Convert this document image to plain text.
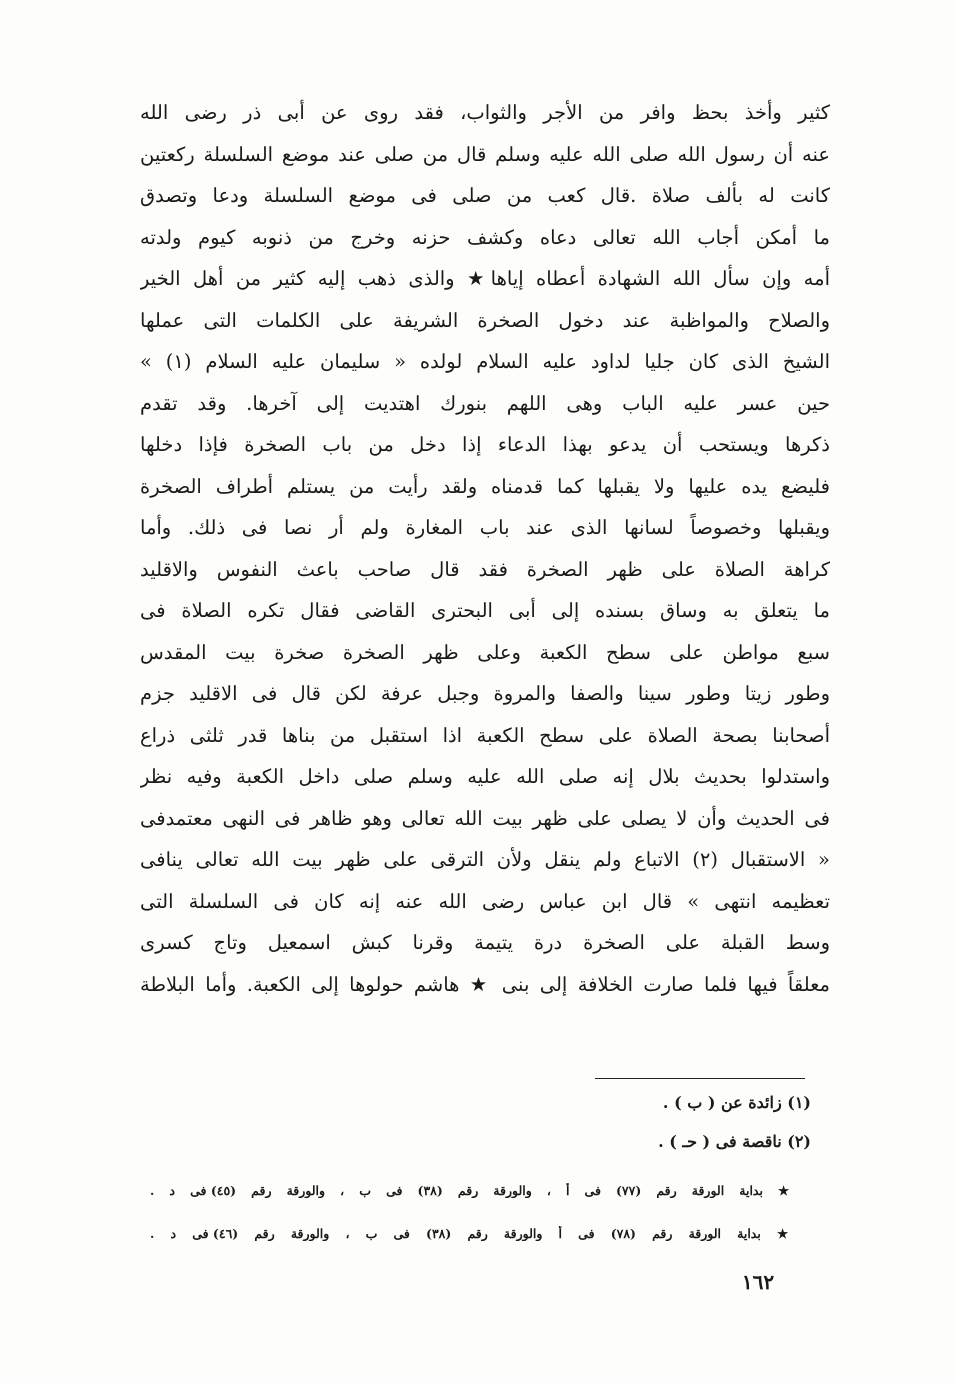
كثير وأخذ بحظ وافر من الأجر والثواب، فقد روى عن أبى ذر رضى الله
عنه أن رسول الله صلى الله عليه وسلم قال من صلى عند موضع السلسلة ركعتين
كانت له بألف صلاة .قال كعب من صلى فى موضع السلسلة ودعا وتصدق
ما أمكن أجاب الله تعالى دعاه وكشف حزنه وخرج من ذنوبه كيوم ولدته
أمه وإن سأل الله الشهادة أعطاه إياها★ والذى ذهب إليه كثير من أهل الخير
والصلاح والمواظبة عند دخول الصخرة الشريفة على الكلمات التى عملها
الشيخ الذى كان جليا لداود عليه السلام لولده « سليمان عليه السلام (١) »
حين عسر عليه الباب وهى اللهم بنورك اهتديت إلى آخرها. وقد تقدم
ذكرها ويستحب أن يدعو بهذا الدعاء إذا دخل من باب الصخرة فإذا دخلها
فليضع يده عليها ولا يقبلها كما قدمناه ولقد رأيت من يستلم أطراف الصخرة
ويقبلها وخصوصاً لسانها الذى عند باب المغارة ولم أر نصا فى ذلك. وأما
كراهة الصلاة على ظهر الصخرة فقد قال صاحب باعث النفوس والاقليد
ما يتعلق به وساق بسنده إلى أبى البحترى القاضى فقال تكره الصلاة فى
سبع مواطن على سطح الكعبة وعلى ظهر الصخرة صخرة بيت المقدس
وطور زيتا وطور سينا والصفا والمروة وجبل عرفة لكن قال فى الاقليد جزم
أصحابنا بصحة الصلاة على سطح الكعبة اذا استقبل من بناها قدر ثلثى ذراع
واستدلوا بحديث بلال إنه صلى الله عليه وسلم صلى داخل الكعبة وفيه نظر
فى الحديث وأن لا يصلى على ظهر بيت الله تعالى وهو ظاهر فى النهى معتمدفى
« الاستقبال (٢) الاتباع ولم ينقل ولأن الترقى على ظهر بيت الله تعالى ينافى
تعظيمه انتهى » قال ابن عباس رضى الله عنه إنه كان فى السلسلة التى
وسط القبلة على الصخرة درة يتيمة وقرنا كبش اسمعيل وتاج كسرى
معلقاً فيها فلما صارت الخلافة إلى بنى ★ هاشم حولوها إلى الكعبة. وأما البلاطة
(١) زائدة عن ( ب ) .
(٢) ناقصة فى ( حـ ) .
★ بداية الورقة رقم (٧٧) فى أ ، والورقة رقم (٣٨) فى ب ، والورقة رقم (٤٥) فى د .
★ بداية الورقة رقم (٧٨) فى أ والورقة رقم (٣٨) فى ب ، والورقة رقم (٤٦) فى د .
١٦٢
